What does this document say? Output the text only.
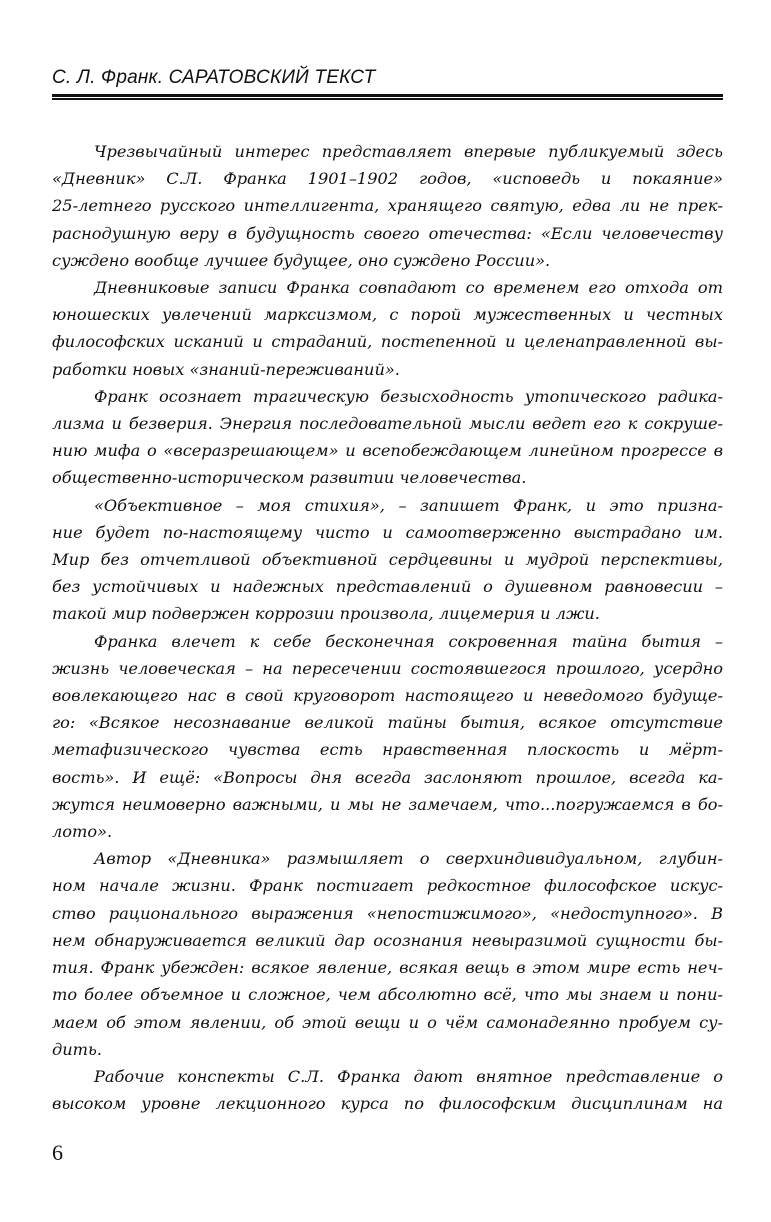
С. Л. Франк. САРАТОВСКИЙ ТЕКСТ
Чрезвычайный интерес представляет впервые публикуемый здесь
«Дневник» С.Л. Франка 1901–1902 годов, «исповедь и покаяние»
25-летнего русского интеллигента, хранящего святую, едва ли не прек-
раснодушную веру в будущность своего отечества: «Если человечеству
суждено вообще лучшее будущее, оно суждено России».
Дневниковые записи Франка совпадают со временем его отхода от
юношеских увлечений марксизмом, с порой мужественных и честных
философских исканий и страданий, постепенной и целенаправленной вы-
работки новых «знаний-переживаний».
Франк осознает трагическую безысходность утопического радика-
лизма и безверия. Энергия последовательной мысли ведет его к сокруше-
нию мифа о «всеразрешающем» и всепобеждающем линейном прогрессе в
общественно-историческом развитии человечества.
«Объективное – моя стихия», – запишет Франк, и это призна-
ние будет по-настоящему чисто и самоотверженно выстрадано им.
Мир без отчетливой объективной сердцевины и мудрой перспективы,
без устойчивых и надежных представлений о душевном равновесии –
такой мир подвержен коррозии произвола, лицемерия и лжи.
Франка влечет к себе бесконечная сокровенная тайна бытия –
жизнь человеческая – на пересечении состоявшегося прошлого, усердно
вовлекающего нас в свой круговорот настоящего и неведомого будуще-
го: «Всякое несознавание великой тайны бытия, всякое отсутствие
метафизического чувства есть нравственная плоскость и мёрт-
вость». И ещё: «Вопросы дня всегда заслоняют прошлое, всегда ка-
жутся неимоверно важными, и мы не замечаем, что...погружаемся в бо-
лото».
Автор «Дневника» размышляет о сверхиндивидуальном, глубин-
ном начале жизни. Франк постигает редкостное философское искус-
ство рационального выражения «непостижимого», «недоступного». В
нем обнаруживается великий дар осознания невыразимой сущности бы-
тия. Франк убежден: всякое явление, всякая вещь в этом мире есть неч-
то более объемное и сложное, чем абсолютно всё, что мы знаем и пони-
маем об этом явлении, об этой вещи и о чём самонадеянно пробуем су-
дить.
Рабочие конспекты С.Л. Франка дают внятное представление о
высоком уровне лекционного курса по философским дисциплинам на
6
